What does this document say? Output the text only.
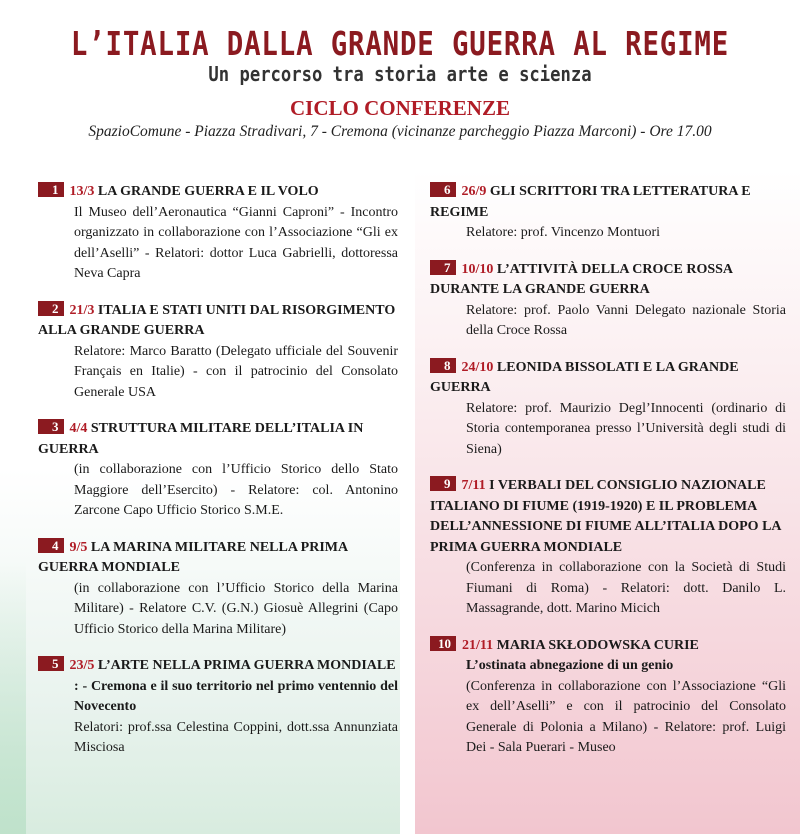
L’ITALIA DALLA GRANDE GUERRA AL REGIME
Un percorso tra storia arte e scienza
CICLO CONFERENZE
SpazioComune - Piazza Stradivari, 7 - Cremona (vicinanze parcheggio Piazza Marconi) - Ore 17.00
1 13/3 LA GRANDE GUERRA E IL VOLO
Il Museo dell’Aeronautica “Gianni Caproni” - Incontro organizzato in collaborazione con l’Associazione “Gli ex dell’Aselli” - Relatori: dottor Luca Gabrielli, dottoressa Neva Capra
2 21/3 ITALIA E STATI UNITI DAL RISORGIMENTO ALLA GRANDE GUERRA
Relatore: Marco Baratto (Delegato ufficiale del Souvenir Français en Italie) - con il patrocinio del Consolato Generale USA
3 4/4 STRUTTURA MILITARE DELL’ITALIA IN GUERRA
(in collaborazione con l’Ufficio Storico dello Stato Maggiore dell’Esercito) - Relatore: col. Antonino Zarcone Capo Ufficio Storico S.M.E.
4 9/5 LA MARINA MILITARE NELLA PRIMA GUERRA MONDIALE
(in collaborazione con l’Ufficio Storico della Marina Militare) - Relatore C.V. (G.N.) Giosuè Allegrini (Capo Ufficio Storico della Marina Militare)
5 23/5 L’ARTE NELLA PRIMA GUERRA MONDIALE
: - Cremona e il suo territorio nel primo ventennio del Novecento
Relatori: prof.ssa Celestina Coppini, dott.ssa Annunziata Misciosa
6 26/9 GLI SCRITTORI TRA LETTERATURA E REGIME
Relatore: prof. Vincenzo Montuori
7 10/10 L’ATTIVITÀ DELLA CROCE ROSSA DURANTE LA GRANDE GUERRA
Relatore: prof. Paolo Vanni Delegato nazionale Storia della Croce Rossa
8 24/10 LEONIDA BISSOLATI E LA GRANDE GUERRA
Relatore: prof. Maurizio Degl’Innocenti (ordinario di Storia contemporanea presso l’Università degli studi di Siena)
9 7/11 I VERBALI DEL CONSIGLIO NAZIONALE ITALIANO DI FIUME (1919-1920) E IL PROBLEMA DELL’ANNESSIONE DI FIUME ALL’ITALIA DOPO LA PRIMA GUERRA MONDIALE
(Conferenza in collaborazione con la Società di Studi Fiumani di Roma) - Relatori: dott. Danilo L. Massagrande, dott. Marino Micich
10 21/11 MARIA SKŁODOWSKA CURIE
L’ostinata abnegazione di un genio
(Conferenza in collaborazione con l’Associazione “Gli ex dell’Aselli” e con il patrocinio del Consolato Generale di Polonia a Milano) - Relatore: prof. Luigi Dei - Sala Puerari - Museo
